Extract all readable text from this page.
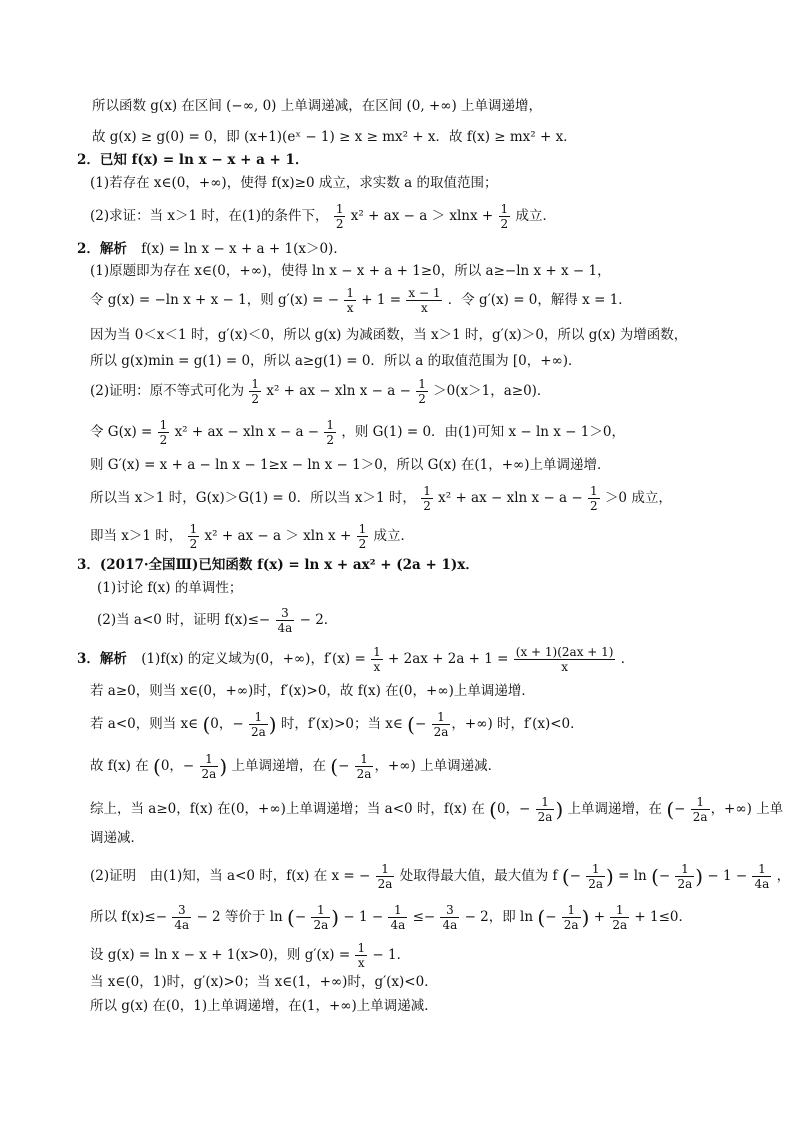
所以函数 g(x) 在区间 (−∞, 0) 上单调递减，在区间 (0, +∞) 上单调递增，
故 g(x) ≥ g(0) = 0，即 (x+1)(eˣ − 1) ≥ x ≥ mx² + x．故 f(x) ≥ mx² + x．
2．已知 f(x) = ln x − x + a + 1．
(1)若存在 x∈(0，+∞)，使得 f(x)≥0 成立，求实数 a 的取值范围；
(2)求证：当 x＞1 时，在(1)的条件下， $\frac{1}{2} x^2$ + ax − $a > xlnx + \frac{1}{2}$ 成立．
2．解析 f(x) = ln x − x + a + 1(x＞0)．
(1)原题即为存在 x∈(0，+∞)，使得 ln x − x + a + 1≥0，所以 a≥−ln x + x − 1，
令 g(x) = −ln x + x − 1，则 g′(x) = − $\frac{1}{x} + 1 = \frac{x - 1}{x}$ ．令 g′(x) = 0，解得 x = 1．
因为当 0＜x＜1 时，g′(x)＜0，所以 g(x) 为减函数，当 x＞1 时，g′(x)＞0，所以 g(x) 为增函数，
所以 g(x)min = g(1) = 0，所以 a≥g(1) = 0．所以 a 的取值范围为 [0，+∞)．
(2)证明：原不等式可化为 $\frac{1}{2} x^2$ + ax − xln $x - a - \frac{1}{2} >0(x>1$，a≥0)．
令 $G(x) = \frac{1}{2} x^2$ + ax − xln $x - a - \frac{1}{2}$ ，则 G(1) = 0．由(1)可知 x − ln x − 1＞0，
则 G′(x) = x + a − ln x − 1≥x − ln x − 1＞0，所以 G(x) 在(1，+∞)上单调递增．
所以当 x＞1 时，G(x)＞G(1) = 0．所以当 x＞1 时， $\frac{1}{2} x^2$ + ax − xln $x - a - \frac{1}{2} >0$ 成立，
即当 x＞1 时， $\frac{1}{2} x^2$ + ax − a ＞ xln $x + \frac{1}{2}$ 成立．
3．(2017·全国Ⅲ)已知函数 f(x) = ln x + ax² + (2a + 1)x．
(1)讨论 f(x) 的单调性；
(2)当 a<0 时，证明 $f(x)\le- \frac{3}{4a} - 2$．
3．解析 (1)f(x) 的定义域为(0，+∞)，$f'(x) = \frac{1}{x} + 2ax + 2a + 1 = \frac{(x + 1)(2ax + 1)}{x}$ ．
若 a≥0，则当 x∈(0，+∞)时，f′(x)>0，故 f(x) 在(0，+∞)上单调递增．
若 a<0，则当 x∈ (0，− $\frac{1}{2a}$ ) 时，f′(x)>0；当 x∈ (− $\frac{1}{2a}$ ，+∞) 时，f′(x)<0．
故 f(x) 在 (0，− $\frac{1}{2a}$ ) 上单调递增，在 (− $\frac{1}{2a}$ ，+∞) 上单调递减．
综上，当 a≥0，f(x) 在(0，+∞)上单调递增；当 a<0 时，f(x) 在 (0，− $\frac{1}{2a}$ ) 上单调递增，在 (− $\frac{1}{2a}$ ，+∞) 上单
调递减．
(2)证明　由(1)知，当 a<0 时，f(x) 在 x = − $\frac{1}{2a}$ 处取得最大值，最大值为 f (− $\frac{1}{2a}$ ) = ln (− $\frac{1}{2a}$ ) − $1 - \frac{1}{4a}$ ，
所以 $f(x)\le- \frac{3}{4a} - 2$ 等价于 ln (− $\frac{1}{2a}$ ) − $1 - \frac{1}{4a} \le- \frac{3}{4a} - 2$，即 ln (− $\frac{1}{2a}$ ) + $\frac{1}{2a} + 1\le 0$．
设 g(x) = ln x − x + 1(x>0)，则 $g'(x) = \frac{1}{x} - 1$．
当 x∈(0，1)时，g′(x)>0；当 x∈(1，+∞)时，g′(x)<0．
所以 g(x) 在(0，1)上单调递增，在(1，+∞)上单调递减．
